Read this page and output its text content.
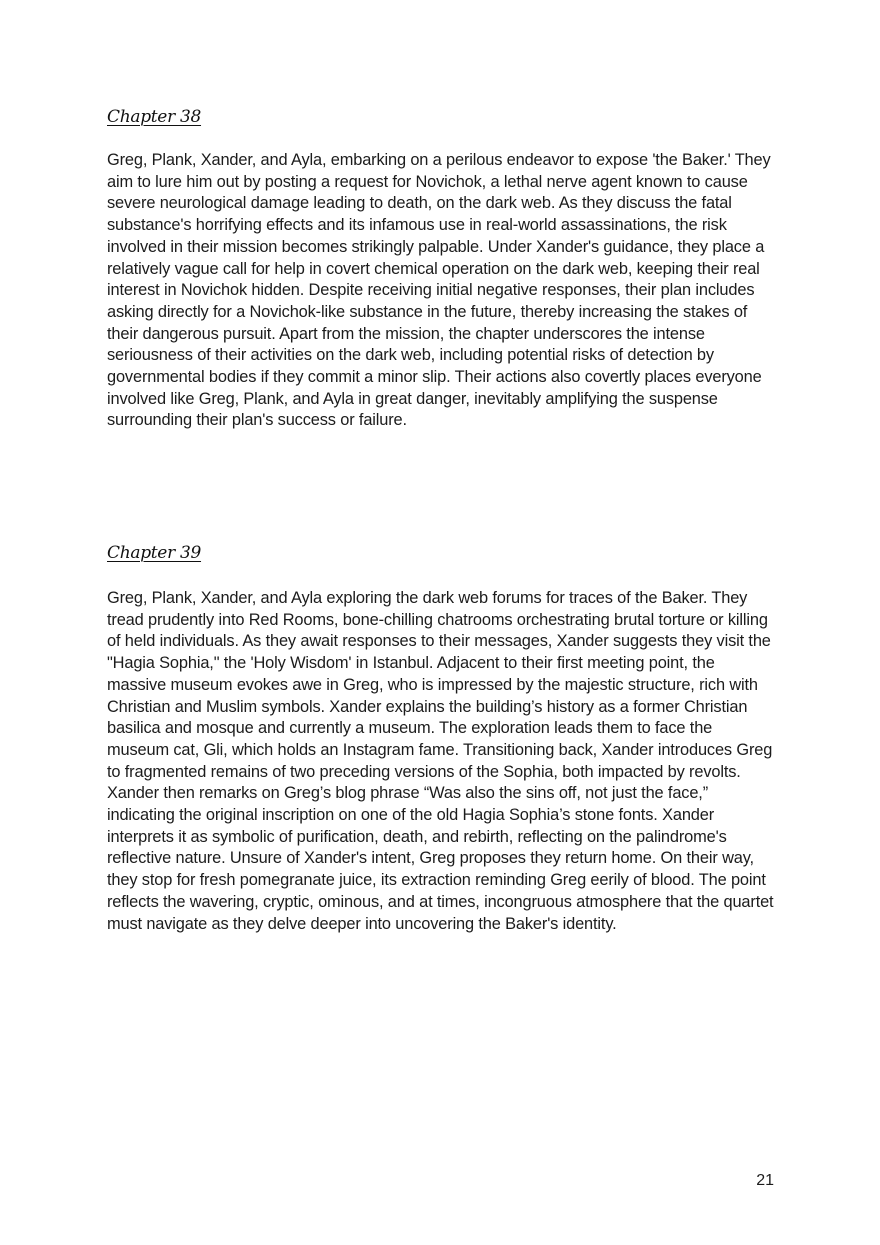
Chapter 38

Greg, Plank, Xander, and Ayla, embarking on a perilous endeavor to expose 'the Baker.' They aim to lure him out by posting a request for Novichok, a lethal nerve agent known to cause severe neurological damage leading to death, on the dark web. As they discuss the fatal substance's horrifying effects and its infamous use in real-world assassinations, the risk involved in their mission becomes strikingly palpable. Under Xander's guidance, they place a relatively vague call for help in covert chemical operation on the dark web, keeping their real interest in Novichok hidden. Despite receiving initial negative responses, their plan includes asking directly for a Novichok-like substance in the future, thereby increasing the stakes of their dangerous pursuit. Apart from the mission, the chapter underscores the intense seriousness of their activities on the dark web, including potential risks of detection by governmental bodies if they commit a minor slip. Their actions also covertly places everyone involved like Greg, Plank, and Ayla in great danger, inevitably amplifying the suspense surrounding their plan's success or failure.

Chapter 39

Greg, Plank, Xander, and Ayla exploring the dark web forums for traces of the Baker. They tread prudently into Red Rooms, bone-chilling chatrooms orchestrating brutal torture or killing of held individuals. As they await responses to their messages, Xander suggests they visit the "Hagia Sophia," the 'Holy Wisdom' in Istanbul. Adjacent to their first meeting point, the massive museum evokes awe in Greg, who is impressed by the majestic structure, rich with Christian and Muslim symbols. Xander explains the building’s history as a former Christian basilica and mosque and currently a museum. The exploration leads them to face the museum cat, Gli, which holds an Instagram fame. Transitioning back, Xander introduces Greg to fragmented remains of two preceding versions of the Sophia, both impacted by revolts. Xander then remarks on Greg’s blog phrase “Was also the sins off, not just the face,” indicating the original inscription on one of the old Hagia Sophia’s stone fonts. Xander interprets it as symbolic of purification, death, and rebirth, reflecting on the palindrome's reflective nature. Unsure of Xander's intent, Greg proposes they return home. On their way, they stop for fresh pomegranate juice, its extraction reminding Greg eerily of blood. The point reflects the wavering, cryptic, ominous, and at times, incongruous atmosphere that the quartet must navigate as they delve deeper into uncovering the Baker's identity.

21
